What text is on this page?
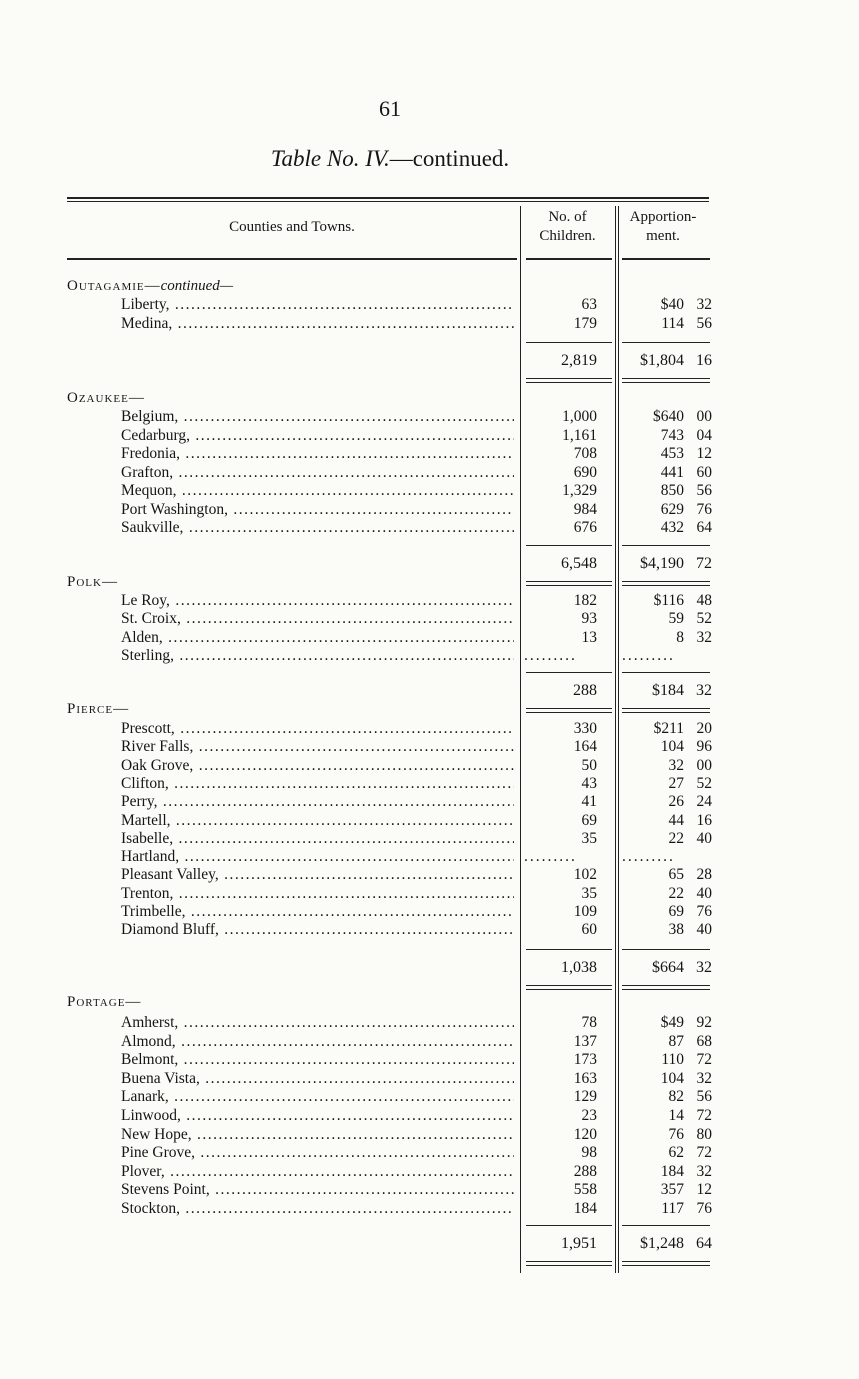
61
Table No. IV.—continued.
Counties and Towns.
No. of
Children.
Apportion-
ment.
Outagamie—continued—
Liberty, .....	63	$40 32
Medina, .....	179	114 56
2,819	$1,804 16
Ozaukee—
Belgium, .....	1,000	$640 00
Cedarburg, .....	1,161	743 04
Fredonia, .....	708	453 12
Grafton, .....	690	441 60
Mequon, .....	1,329	850 56
Port Washington, .....	984	629 76
Saukville, .....	676	432 64
6,548	$4,190 72
Polk—
Le Roy, .....	182	$116 48
St. Croix, .....	93	59 52
Alden, .....	13	8 32
Sterling, .....	.........	.........
288	$184 32
Pierce—
Prescott, .....	330	$211 20
River Falls, .....	164	104 96
Oak Grove, .....	50	32 00
Clifton, .....	43	27 52
Perry, .....	41	26 24
Martell, .....	69	44 16
Isabelle, .....	35	22 40
Hartland, .....	.........	.........
Pleasant Valley, .....	102	65 28
Trenton, .....	35	22 40
Trimbelle, .....	109	69 76
Diamond Bluff, .....	60	38 40
1,038	$664 32
Portage—
Amherst, .....	78	$49 92
Almond, .....	137	87 68
Belmont, .....	173	110 72
Buena Vista, .....	163	104 32
Lanark, .....	129	82 56
Linwood, .....	23	14 72
New Hope, .....	120	76 80
Pine Grove, .....	98	62 72
Plover, .....	288	184 32
Stevens Point, .....	558	357 12
Stockton, .....	184	117 76
1,951	$1,248 64
